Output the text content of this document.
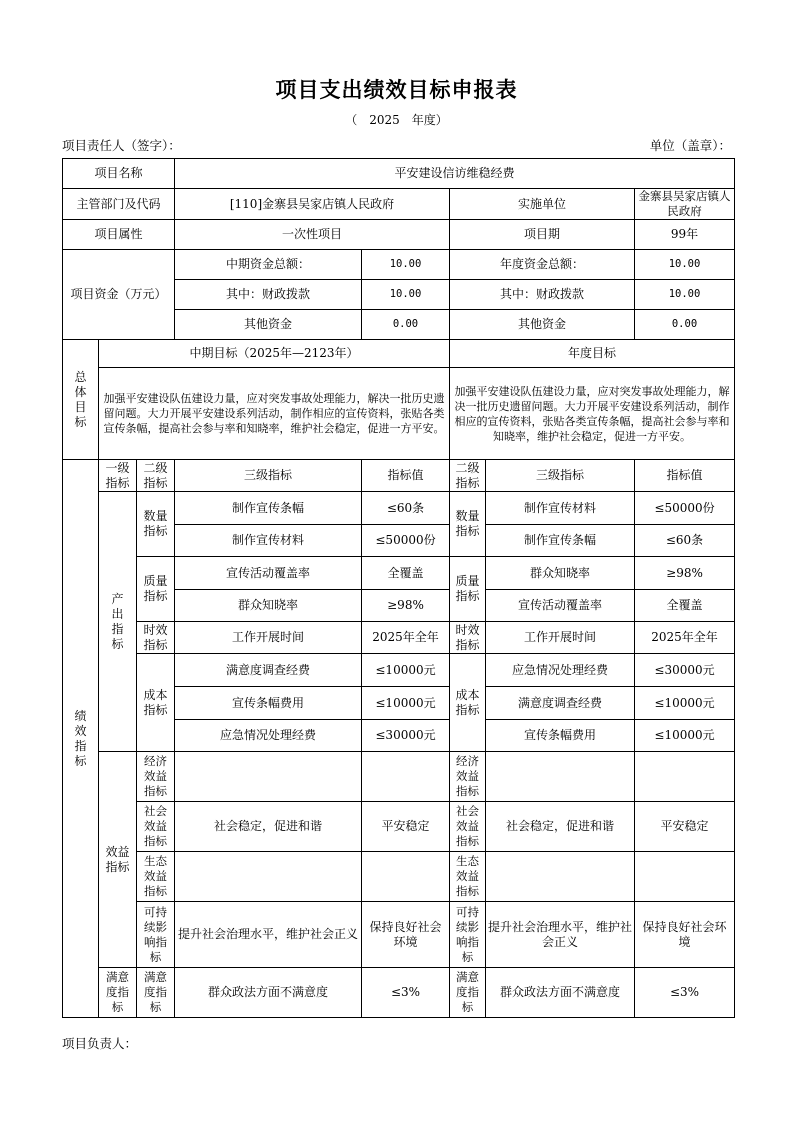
项目支出绩效目标申报表
（　2025　年度）
项目责任人（签字）：	单位（盖章）：
项目名称			平安建设信访维稳经费				
主管部门及代码			[110]金寨县吴家店镇人民政府		实施单位		金寨县吴家店镇人民政府
项目属性			一次性项目		项目期		99年
项目资金（万元）			中期资金总额：	10.00	年度资金总额：		10.00
			其中：财政拨款	10.00	其中：财政拨款		10.00
			其他资金	0.00	其他资金		0.00
总体目标	中期目标（2025年—2123年）				年度目标		
	加强平安建设队伍建设力量，应对突发事故处理能力，解决一批历史遗留问题。大力开展平安建设系列活动，制作相应的宣传资料，张贴各类宣传条幅，提高社会参与率和知晓率，维护社会稳定，促进一方平安。				加强平安建设队伍建设力量，应对突发事故处理能力，解决一批历史遗留问题。大力开展平安建设系列活动，制作相应的宣传资料，张贴各类宣传条幅，提高社会参与率和知晓率，维护社会稳定，促进一方平安。		
绩效指标	一级指标	二级指标	三级指标	指标值	二级指标	三级指标	指标值
	产出指标	数量指标	制作宣传条幅	≤60条	数量指标	制作宣传材料	≤50000份
			制作宣传材料	≤50000份		制作宣传条幅	≤60条
		质量指标	宣传活动覆盖率	全覆盖	质量指标	群众知晓率	≥98%
			群众知晓率	≥98%		宣传活动覆盖率	全覆盖
		时效指标	工作开展时间	2025年全年	时效指标	工作开展时间	2025年全年
		成本指标	满意度调查经费	≤10000元	成本指标	应急情况处理经费	≤30000元
			宣传条幅费用	≤10000元		满意度调查经费	≤10000元
			应急情况处理经费	≤30000元		宣传条幅费用	≤10000元
	效益指标	经济效益指标			经济效益指标		
		社会效益指标	社会稳定，促进和谐	平安稳定	社会效益指标	社会稳定，促进和谐	平安稳定
		生态效益指标			生态效益指标		
		可持续影响指标	提升社会治理水平，维护社会正义	保持良好社会环境	可持续影响指标	提升社会治理水平，维护社会正义	保持良好社会环境
	满意度指标	满意度指标	群众政法方面不满意度	≤3%	满意度指标	群众政法方面不满意度	≤3%
项目负责人：
